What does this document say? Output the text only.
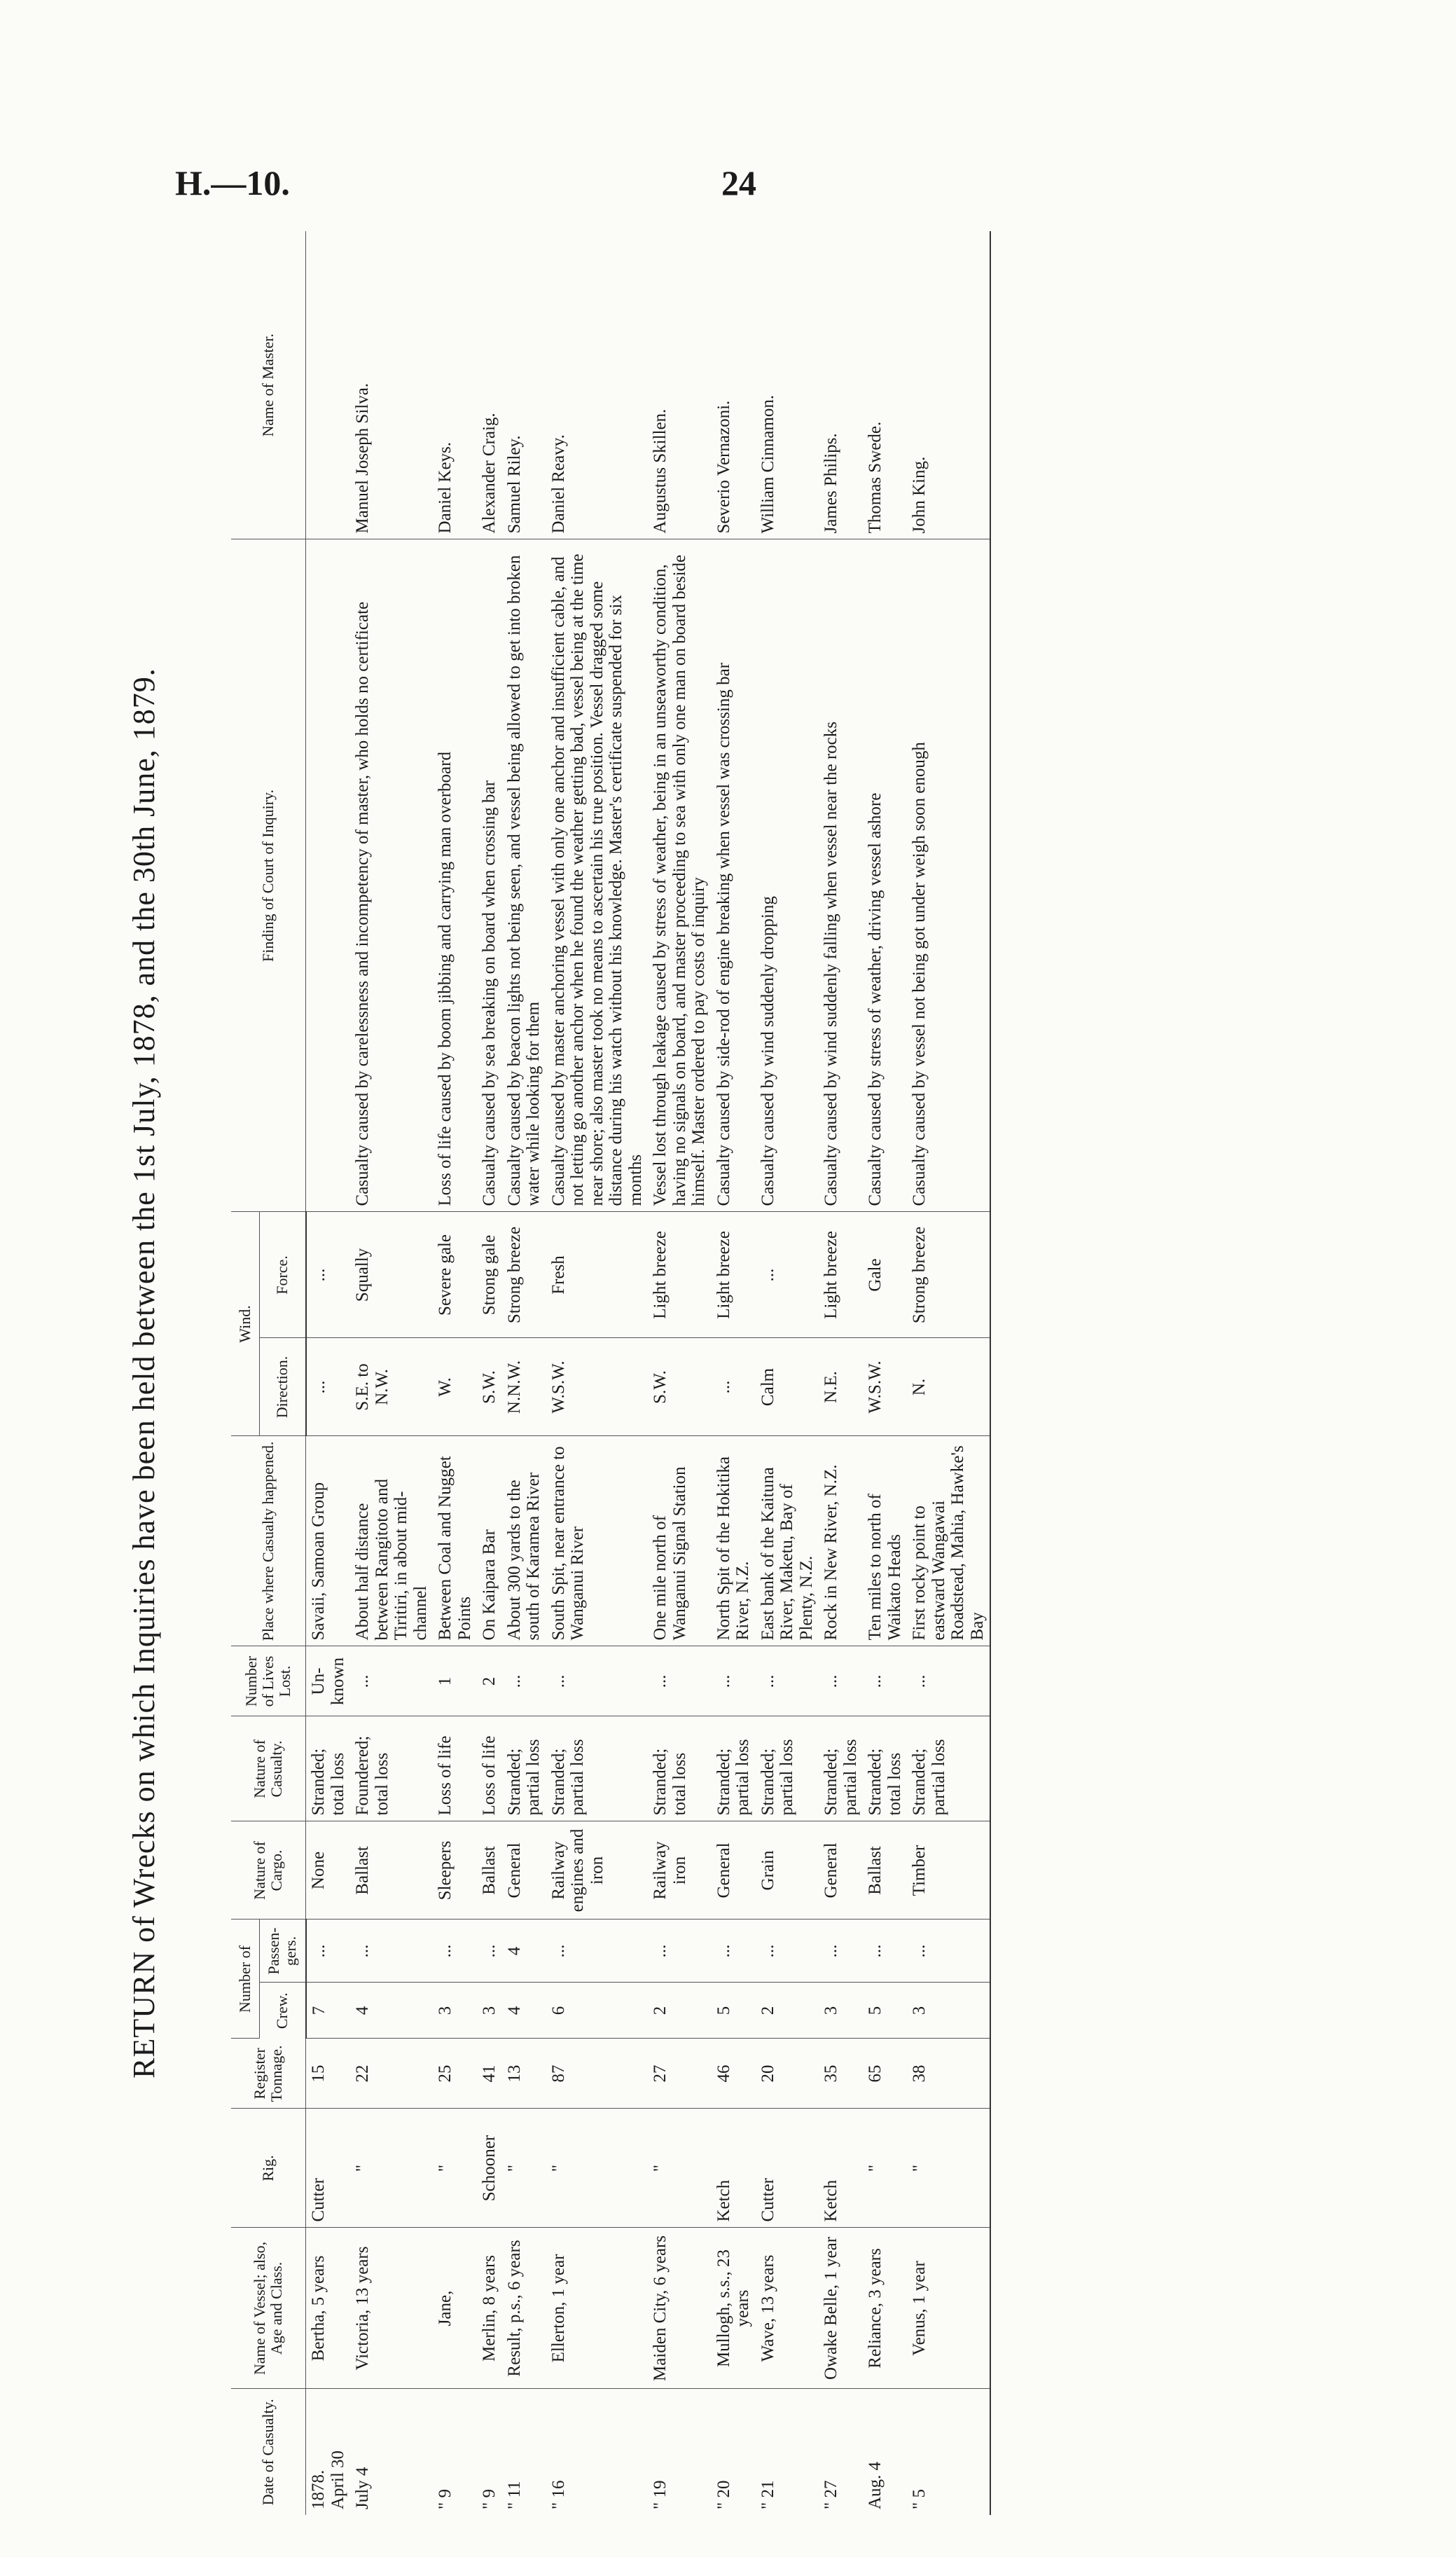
H.—10.	24
RETURN of Wrecks on which Inquiries have been held between the 1st July, 1878, and the 30th June, 1879.
Date of Casualty.	Name of Vessel; also, Age and Class.	Rig.	Register Tonnage.	Number of		Nature of Cargo.	Nature of Casualty.	Number of Lives Lost.	Place where Casualty happened.	Wind.		Finding of Court of Inquiry.	Name of Master.
				Crew.	Passen-gers.					Direction.	Force.		

1878. April 30	Bertha, 5 years	Cutter	15	7	...	None	Stranded; total loss	Un-known	Savaii, Samoan Group	...	...		
July 4	Victoria, 13 years	"	22	4	...	Ballast	Foundered; total loss	...	About half distance between Rangitoto and Tiritiri, in about mid-channel	S.E. to N.W.	Squally	Casualty caused by carelessness and incompetency of master, who holds no certificate	Manuel Joseph Silva.
" 9	Jane,	"	25	3	...	Sleepers	Loss of life	1	Between Coal and Nugget Points	W.	Severe gale	Loss of life caused by boom jibbing and carrying man overboard	Daniel Keys.
" 9	Merlin, 8 years	Schooner	41	3	...	Ballast	Loss of life	2	On Kaipara Bar	S.W.	Strong gale	Casualty caused by sea breaking on board when crossing bar	Alexander Craig.
" 11	Result, p.s., 6 years	"	13	4	4	General	Stranded; partial loss	...	About 300 yards to the south of Karamea River	N.N.W.	Strong breeze	Casualty caused by beacon lights not being seen, and vessel being allowed to get into broken water while looking for them	Samuel Riley.
" 16	Ellerton, 1 year	"	87	6	...	Railway engines and iron	Stranded; partial loss	...	South Spit, near entrance to Wanganui River	W.S.W.	Fresh	Casualty caused by master anchoring vessel with only one anchor and insufficient cable, and not letting go another anchor when he found the weather getting bad, vessel being at the time near shore; also master took no means to ascertain his true position. Vessel dragged some distance during his watch without his knowledge. Master's certificate suspended for six months	Daniel Reavy.
" 19	Maiden City, 6 years	"	27	2	...	Railway iron	Stranded; total loss	...	One mile north of Wanganui Signal Station	S.W.	Light breeze	Vessel lost through leakage caused by stress of weather, being in an unseaworthy condition, having no signals on board, and master proceeding to sea with only one man on board beside himself. Master ordered to pay costs of inquiry	Augustus Skillen.
" 20	Mullogh, s.s., 23 years	Ketch	46	5	...	General	Stranded; partial loss	...	North Spit of the Hokitika River, N.Z.	...	Light breeze	Casualty caused by side-rod of engine breaking when vessel was crossing bar	Severio Vernazoni.
" 21	Wave, 13 years	Cutter	20	2	...	Grain	Stranded; partial loss	...	East bank of the Kaituna River, Maketu, Bay of Plenty, N.Z.	Calm	...	Casualty caused by wind suddenly dropping	William Cinnamon.
" 27	Owake Belle, 1 year	Ketch	35	3	...	General	Stranded; partial loss	...	Rock in New River, N.Z.	N.E.	Light breeze	Casualty caused by wind suddenly falling when vessel near the rocks	James Philips.
Aug. 4	Reliance, 3 years	"	65	5	...	Ballast	Stranded; total loss	...	Ten miles to north of Waikato Heads	W.S.W.	Gale	Casualty caused by stress of weather, driving vessel ashore	Thomas Swede.
" 5	Venus, 1 year	"	38	3	...	Timber	Stranded; partial loss	...	First rocky point to eastward Wangawai Roadstead, Mahia, Hawke's Bay	N.	Strong breeze	Casualty caused by vessel not being got under weigh soon enough	John King.
